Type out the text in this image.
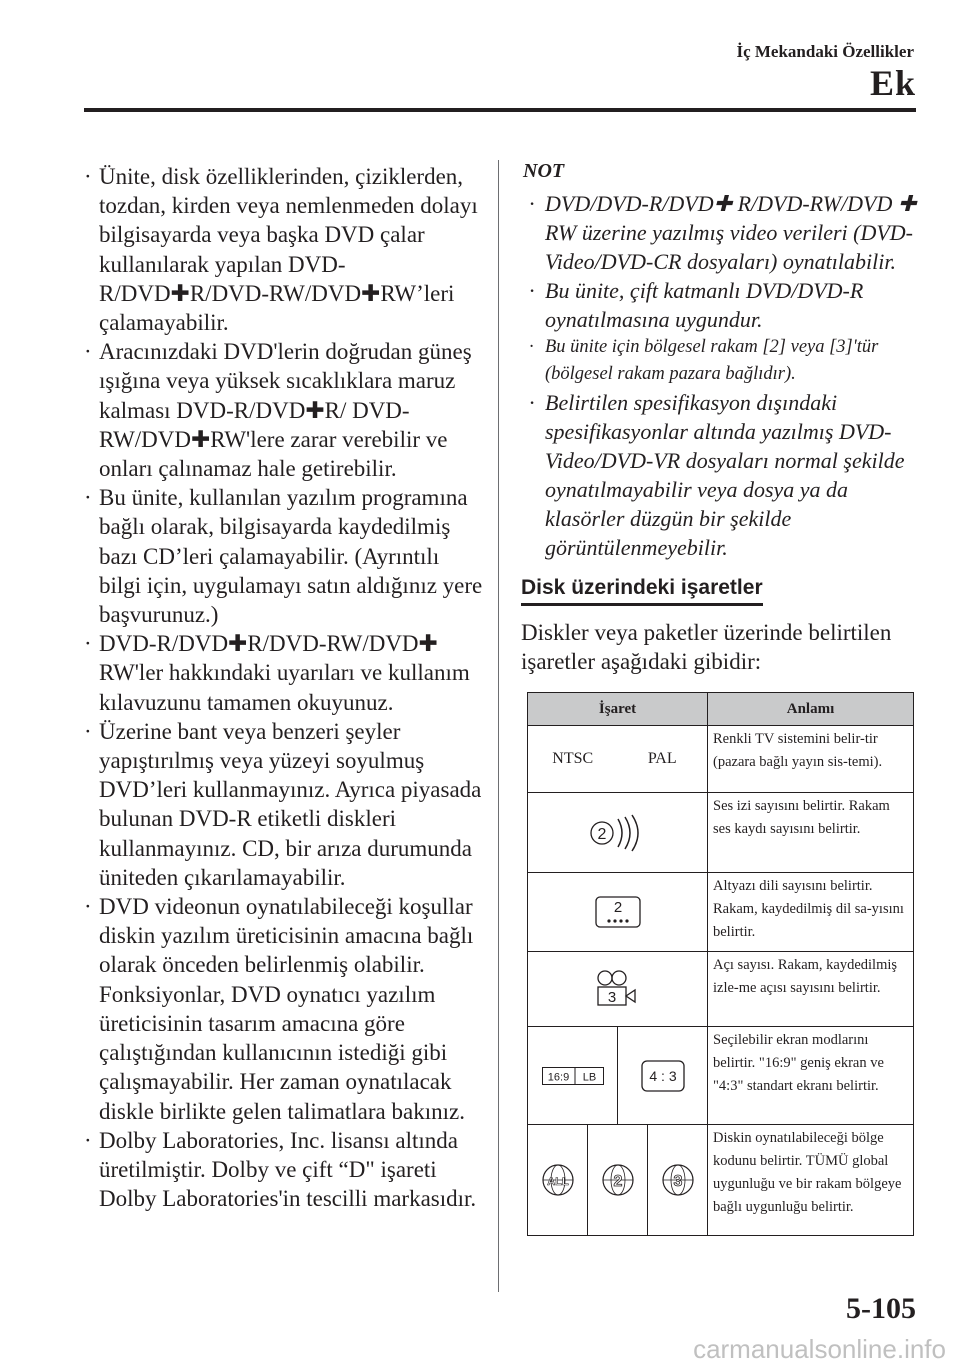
İç Mekandaki Özellikler
Ek

· Ünite, disk özelliklerinden, çiziklerden, tozdan, kirden veya nemlenmeden dolayı bilgisayarda veya başka DVD çalar kullanılarak yapılan DVD-R/DVD✚R/DVD-RW/DVD✚RW’leri çalamayabilir.

· Aracınızdaki DVD'lerin doğrudan güneş ışığına veya yüksek sıcaklıklara maruz kalması DVD-R/DVD✚R/ DVD-RW/DVD✚RW'lere zarar verebilir ve onları çalınamaz hale getirebilir.

· Bu ünite, kullanılan yazılım programına bağlı olarak, bilgisayarda kaydedilmiş bazı CD’leri çalamayabilir. (Ayrıntılı bilgi için, uygulamayı satın aldığınız yere başvurunuz.)

· DVD-R/DVD✚R/DVD-RW/DVD✚ RW'ler hakkındaki uyarıları ve kullanım kılavuzunu tamamen okuyunuz.

· Üzerine bant veya benzeri şeyler yapıştırılmış veya yüzeyi soyulmuş DVD’leri kullanmayınız. Ayrıca piyasada bulunan DVD-R etiketli diskleri kullanmayınız. CD, bir arıza durumunda üniteden çıkarılamayabilir.

· DVD videonun oynatılabileceği koşullar diskin yazılım üreticisinin amacına bağlı olarak önceden belirlenmiş olabilir. Fonksiyonlar, DVD oynatıcı yazılım üreticisinin tasarım amacına göre çalıştığından kullanıcının istediği gibi çalışmayabilir. Her zaman oynatılacak diskle birlikte gelen talimatlara bakınız.

· Dolby Laboratories, Inc. lisansı altında üretilmiştir. Dolby ve çift “D" işareti Dolby Laboratories'in tescilli markasıdır.

NOT

· DVD/DVD-R/DVD✚ R/DVD-RW/DVD ✚ RW üzerine yazılmış video verileri (DVD-Video/DVD-CR dosyaları) oynatılabilir.

· Bu ünite, çift katmanlı DVD/DVD-R oynatılmasına uygundur.

· Bu ünite için bölgesel rakam [2] veya [3]'tür (bölgesel rakam pazara bağlıdır).

· Belirtilen spesifikasyon dışındaki spesifikasyonlar altında yazılmış DVD-Video/DVD-VR dosyaları normal şekilde oynatılmayabilir veya dosya ya da klasörler düzgün bir şekilde görüntülenmeyebilir.

Disk üzerindeki işaretler
Diskler veya paketler üzerinde belirtilen işaretler aşağıdaki gibidir:
İşaret	Anlamı

NTSC PAL	Renkli TV sistemini belir-tir (pazara bağlı yayın sis-temi).

2	Ses izi sayısını belirtir. Rakam ses kaydı sayısını belirtir.

2	Altyazı dili sayısını belirtir. Rakam, kaydedilmiş dil sa-yısını belirtir.

3	Açı sayısı. Rakam, kaydedilmiş izle-me açısı sayısını belirtir.

16:9 LB 4 : 3	Seçilebilir ekran modlarını belirtir. "16:9" geniş ekran ve "4:3" standart ekranı belirtir.

ALL 2 3	Diskin oynatılabileceği bölge kodunu belirtir. TÜMÜ global uygunluğu ve bir rakam bölgeye bağlı uygunluğu belirtir.
5-105
carmanualsonline.info
